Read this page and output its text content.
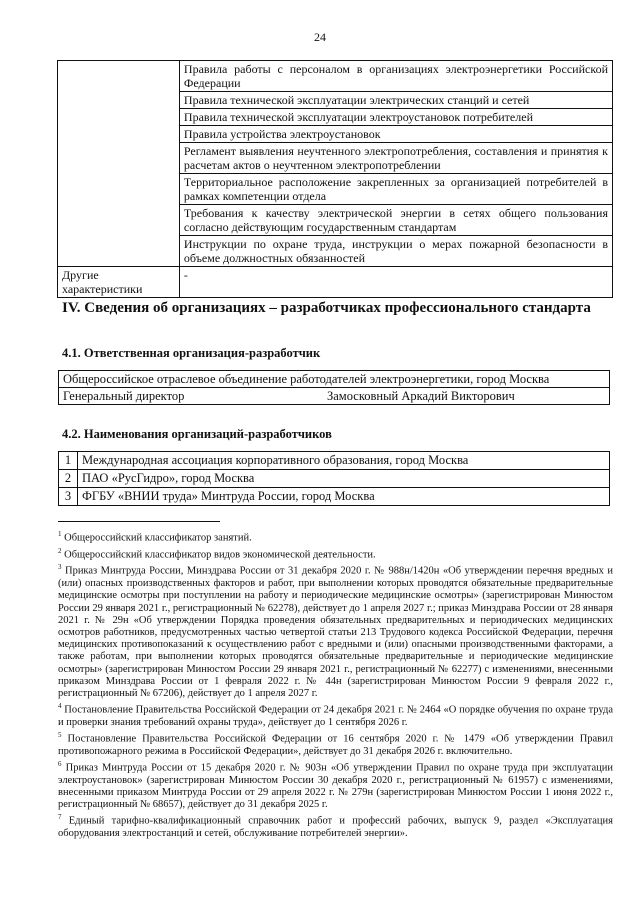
24
	Правила работы с персоналом в организациях электроэнергетики Российской Федерации
	Правила технической эксплуатации электрических станций и сетей
	Правила технической эксплуатации электроустановок потребителей
	Правила устройства электроустановок
	Регламент выявления неучтенного электропотребления, составления и принятия к расчетам актов о неучтенном электропотреблении
	Территориальное расположение закрепленных за организацией потребителей в рамках компетенции отдела
	Требования к качеству электрической энергии в сетях общего пользования согласно действующим государственным стандартам
	Инструкции по охране труда, инструкции о мерах пожарной безопасности в объеме должностных обязанностей
Другие характеристики	-
IV. Сведения об организациях – разработчиках профессионального стандарта
4.1. Ответственная организация-разработчик
Общероссийское отраслевое объединение работодателей электроэнергетики, город Москва
Генеральный директор	Замосковный Аркадий Викторович
4.2. Наименования организаций-разработчиков
1	Международная ассоциация корпоративного образования, город Москва
2	ПАО «РусГидро», город Москва
3	ФГБУ «ВНИИ труда» Минтруда России, город Москва

$^1$ Общероссийский классификатор занятий.

$^2$ Общероссийский классификатор видов экономической деятельности.

$^3$ Приказ Минтруда России, Минздрава России от 31 декабря 2020 г. № 988н/1420н «Об утверждении перечня вредных и (или) опасных производственных факторов и работ, при выполнении которых проводятся обязательные предварительные медицинские осмотры при поступлении на работу и периодические медицинские осмотры» (зарегистрирован Минюстом России 29 января 2021 г., регистрационный № 62278), действует до 1 апреля 2027 г.; приказ Минздрава России от 28 января 2021 г. № 29н «Об утверждении Порядка проведения обязательных предварительных и периодических медицинских осмотров работников, предусмотренных частью четвертой статьи 213 Трудового кодекса Российской Федерации, перечня медицинских противопоказаний к осуществлению работ с вредными и (или) опасными производственными факторами, а также работам, при выполнении которых проводятся обязательные предварительные и периодические медицинские осмотры» (зарегистрирован Минюстом России 29 января 2021 г., регистрационный № 62277) с изменениями, внесенными приказом Минздрава России от 1 февраля 2022 г. № 44н (зарегистрирован Минюстом России 9 февраля 2022 г., регистрационный № 67206), действует до 1 апреля 2027 г.

$^4$ Постановление Правительства Российской Федерации от 24 декабря 2021 г. № 2464 «О порядке обучения по охране труда и проверки знания требований охраны труда», действует до 1 сентября 2026 г.

$^5$ Постановление Правительства Российской Федерации от 16 сентября 2020 г. № 1479 «Об утверждении Правил противопожарного режима в Российской Федерации», действует до 31 декабря 2026 г. включительно.

$^6$ Приказ Минтруда России от 15 декабря 2020 г. № 903н «Об утверждении Правил по охране труда при эксплуатации электроустановок» (зарегистрирован Минюстом России 30 декабря 2020 г., регистрационный № 61957) с изменениями, внесенными приказом Минтруда России от 29 апреля 2022 г. № 279н (зарегистрирован Минюстом России 1 июня 2022 г., регистрационный № 68657), действует до 31 декабря 2025 г.

$^7$ Единый тарифно-квалификационный справочник работ и профессий рабочих, выпуск 9, раздел «Эксплуатация оборудования электростанций и сетей, обслуживание потребителей энергии».
